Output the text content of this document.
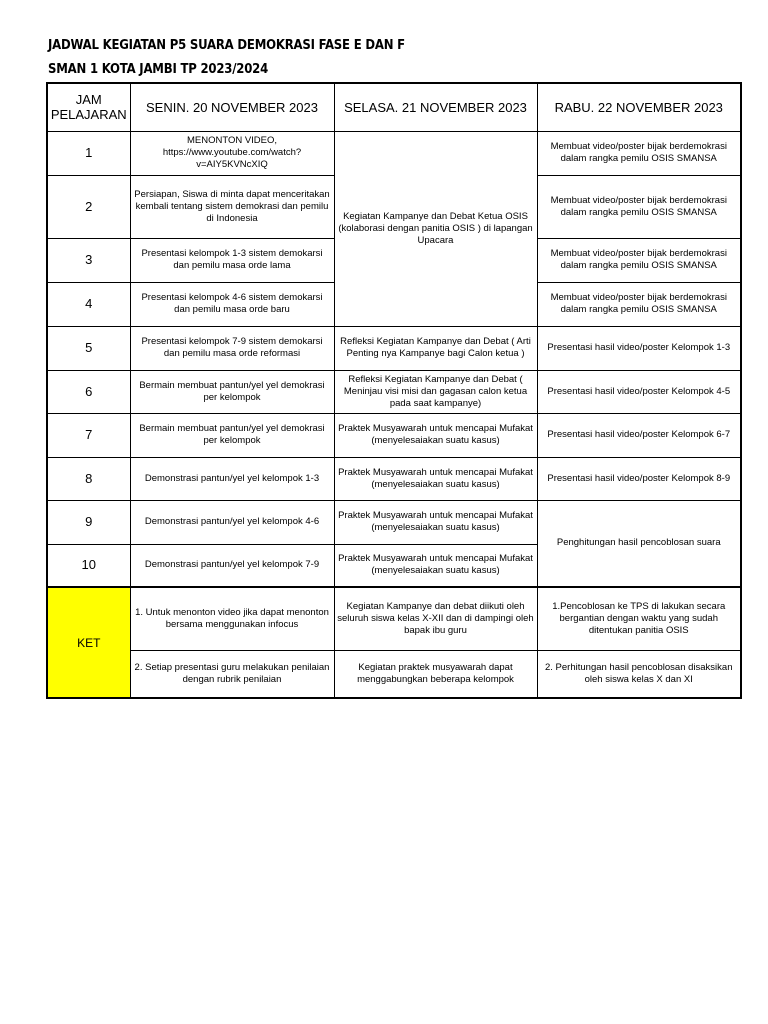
JADWAL KEGIATAN P5 SUARA DEMOKRASI FASE E DAN F
SMAN 1 KOTA JAMBI TP 2023/2024
JAM PELAJARAN	SENIN. 20 NOVEMBER 2023	SELASA. 21 NOVEMBER 2023	RABU. 22 NOVEMBER 2023
1	MENONTON VIDEO, https://www.youtube.com/watch?v=AIY5KVNcXIQ	Kegiatan Kampanye dan Debat Ketua OSIS (kolaborasi dengan panitia OSIS ) di lapangan Upacara	Membuat video/poster bijak berdemokrasi dalam rangka pemilu OSIS SMANSA
2	Persiapan, Siswa di minta dapat menceritakan kembali tentang sistem demokrasi dan pemilu di Indonesia		Membuat video/poster bijak berdemokrasi dalam rangka pemilu OSIS SMANSA
3	Presentasi kelompok 1-3 sistem demokarsi dan pemilu masa orde lama		Membuat video/poster bijak berdemokrasi dalam rangka pemilu OSIS SMANSA
4	Presentasi kelompok 4-6 sistem demokarsi dan pemilu masa orde baru		Membuat video/poster bijak berdemokrasi dalam rangka pemilu OSIS SMANSA
5	Presentasi kelompok 7-9 sistem demokarsi dan pemilu masa orde reformasi	Refleksi Kegiatan Kampanye dan Debat ( Arti Penting nya Kampanye bagi Calon ketua )	Presentasi hasil video/poster Kelompok 1-3
6	Bermain membuat pantun/yel yel demokrasi per kelompok	Refleksi Kegiatan Kampanye dan Debat ( Meninjau visi misi dan gagasan calon ketua pada saat kampanye)	Presentasi hasil video/poster Kelompok 4-5
7	Bermain membuat pantun/yel yel demokrasi per kelompok	Praktek Musyawarah untuk mencapai Mufakat (menyelesaiakan suatu kasus)	Presentasi hasil video/poster Kelompok 6-7
8	Demonstrasi pantun/yel yel kelompok 1-3	Praktek Musyawarah untuk mencapai Mufakat (menyelesaiakan suatu kasus)	Presentasi hasil video/poster Kelompok 8-9
9	Demonstrasi pantun/yel yel kelompok 4-6	Praktek Musyawarah untuk mencapai Mufakat (menyelesaiakan suatu kasus)	Penghitungan hasil pencoblosan suara
10	Demonstrasi pantun/yel yel kelompok 7-9	Praktek Musyawarah untuk mencapai Mufakat (menyelesaiakan suatu kasus)	
KET	1. Untuk menonton video jika dapat menonton bersama menggunakan infocus	Kegiatan Kampanye dan debat diikuti oleh seluruh siswa kelas X-XII dan di dampingi oleh bapak ibu guru	1.Pencoblosan ke TPS di lakukan secara bergantian dengan waktu yang sudah ditentukan panitia OSIS
	2. Setiap presentasi guru melakukan penilaian dengan rubrik penilaian	Kegiatan praktek musyawarah dapat menggabungkan beberapa kelompok	2. Perhitungan hasil pencoblosan disaksikan oleh siswa kelas X dan XI
